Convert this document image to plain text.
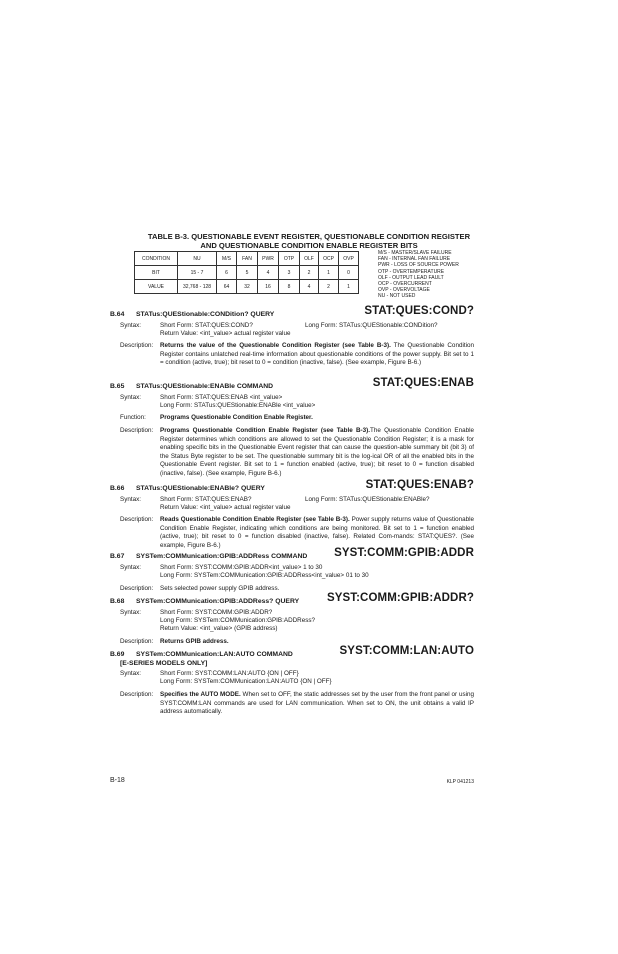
TABLE B-3. QUESTIONABLE EVENT REGISTER, QUESTIONABLE CONDITION REGISTER
AND QUESTIONABLE CONDITION ENABLE REGISTER BITS
CONDITION	NU	M/S	FAN	PWR	OTP	OLF	OCP	OVP
BIT	15 - 7	6	5	4	3	2	1	0
VALUE	32,768 - 128	64	32	16	8	4	2	1
M/S - MASTER/SLAVE FAILURE
FAN - INTERNAL FAN FAILURE
PWR - LOSS OF SOURCE POWER
OTP - OVERTEMPERATURE
OLF - OUTPUT LEAD FAULT
OCP - OVERCURRENT
OVP - OVERVOLTAGE
NU - NOT USED
B.64 STATus:QUEStionable:CONDition? QUERY	STAT:QUES:COND?
Syntax:	Short Form: STAT:QUES:COND?	Long Form: STATus:QUEStionable:CONDition?
Return Value: <int_value> actual register value
Description: Returns the value of the Questionable Condition Register (see Table B-3). The Questionable Condition Register contains unlatched real-time information about questionable conditions of the power supply. Bit set to 1 = condition (active, true); bit reset to 0 = condition (inactive, false). (See example, Figure B-6.)
B.65 STATus:QUEStionable:ENABle COMMAND	STAT:QUES:ENAB
Syntax:	Short Form: STAT:QUES:ENAB <int_value>
Long Form: STATus:QUEStionable:ENABle <int_value>
Function: Programs Questionable Condition Enable Register.
Description: Programs Questionable Condition Enable Register (see Table B-3).The Questionable Condition Enable Register determines which conditions are allowed to set the Questionable Condition Register; it is a mask for enabling specific bits in the Questionable Event register that can cause the question-able summary bit (bit 3) of the Status Byte register to be set. The questionable summary bit is the log-ical OR of all the enabled bits in the Questionable Event register. Bit set to 1 = function enabled (active, true); bit reset to 0 = function disabled (inactive, false). (See example, Figure B-6.)
B.66 STATus:QUEStionable:ENABle? QUERY	STAT:QUES:ENAB?
Syntax:	Short Form: STAT:QUES:ENAB?	Long Form: STATus:QUEStionable:ENABle?
Return Value: <int_value> actual register value
Description: Reads Questionable Condition Enable Register (see Table B-3). Power supply returns value of Questionable Condition Enable Register, indicating which conditions are being monitored. Bit set to 1 = function enabled (active, true); bit reset to 0 = function disabled (inactive, false). Related Com-mands: STAT:QUES?. (See example, Figure B-6.)
B.67 SYSTem:COMMunication:GPIB:ADDRess COMMAND SYST:COMM:GPIB:ADDR
Syntax:	Short Form: SYST:COMM:GPIB:ADDR<int_value> 1 to 30
Long Form: SYSTem:COMMunication:GPIB:ADDRess<int_value> 01 to 30
Description: Sets selected power supply GPIB address.
B.68 SYSTem:COMMunication:GPIB:ADDRess? QUERY SYST:COMM:GPIB:ADDR?
Syntax:	Short Form: SYST:COMM:GPIB:ADDR?
Long Form: SYSTem:COMMunication:GPIB:ADDRess?
Return Value: <int_value> (GPIB address)
Description: Returns GPIB address.
B.69 SYSTem:COMMunication:LAN:AUTO COMMAND
[E-SERIES MODELS ONLY]
SYST:COMM:LAN:AUTO
Syntax:	Short Form: SYST:COMM:LAN:AUTO {ON | OFF}
Long Form: SYSTem:COMMunication:LAN:AUTO {ON | OFF}
Description: Specifies the AUTO MODE. When set to OFF, the static addresses set by the user from the front panel or using SYST:COMM:LAN commands are used for LAN communication. When set to ON, the unit obtains a valid IP address automatically.
B-18	KLP 041213
